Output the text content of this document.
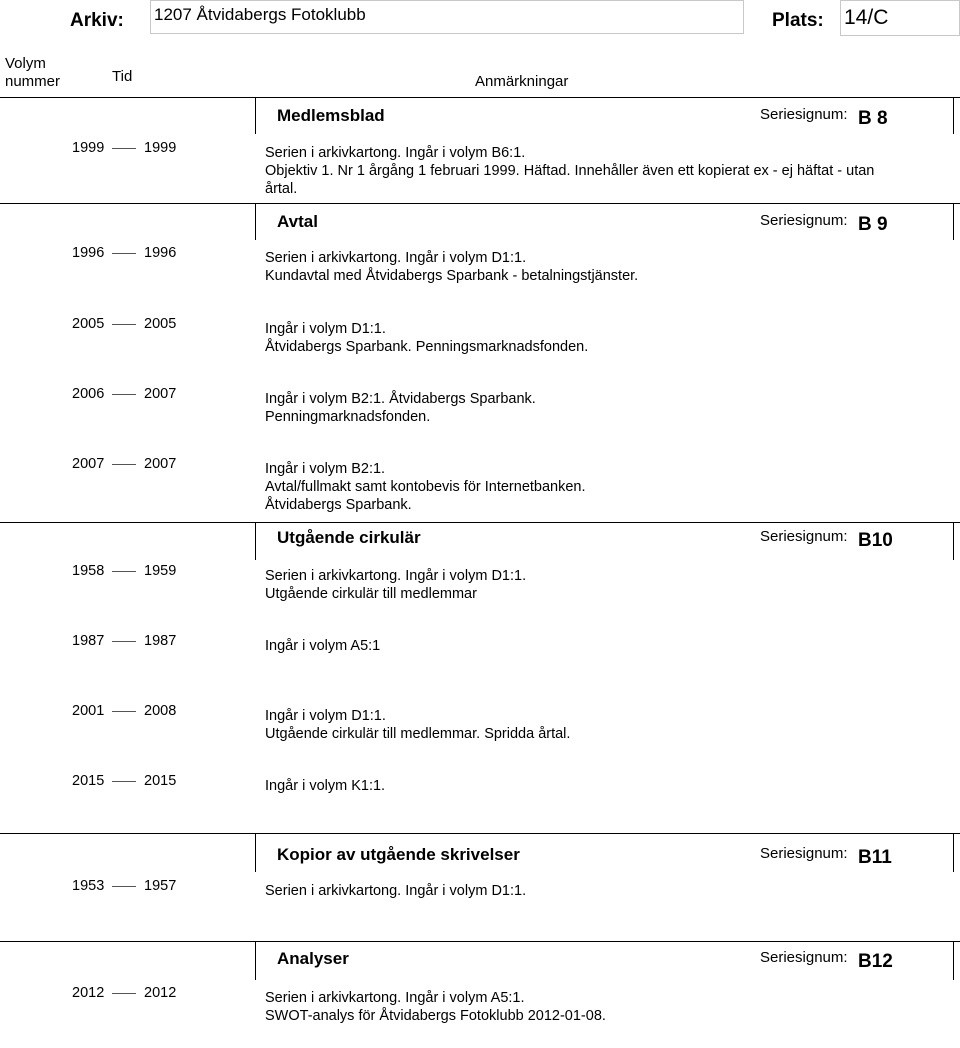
Arkiv: 1207 Åtvidabergs Fotoklubb	Plats: 14/C
Volym
nummer	Tid	Anmärkningar
Medlemsblad	Seriesignum: B 8
1999	1999	Serien i arkivkartong. Ingår i volym B6:1.
Objektiv 1. Nr 1 årgång 1 februari 1999. Häftad. Innehåller även ett kopierat ex - ej häftat - utan
årtal.
Avtal	Seriesignum: B 9
1996	1996	Serien i arkivkartong. Ingår i volym D1:1.
Kundavtal med Åtvidabergs Sparbank - betalningstjänster.
2005	2005	Ingår i volym D1:1.
Åtvidabergs Sparbank. Penningsmarknadsfonden.
2006	2007	Ingår i volym B2:1. Åtvidabergs Sparbank.
Penningmarknadsfonden.
2007	2007	Ingår i volym B2:1.
Avtal/fullmakt samt kontobevis för Internetbanken.
Åtvidabergs Sparbank.
Utgående cirkulär	Seriesignum: B10
1958	1959	Serien i arkivkartong. Ingår i volym D1:1.
Utgående cirkulär till medlemmar
1987	1987	Ingår i volym A5:1
2001	2008	Ingår i volym D1:1.
Utgående cirkulär till medlemmar. Spridda årtal.
2015	2015	Ingår i volym K1:1.
Kopior av utgående skrivelser	Seriesignum: B11
1953	1957	Serien i arkivkartong. Ingår i volym D1:1.
Analyser	Seriesignum: B12
2012	2012	Serien i arkivkartong. Ingår i volym A5:1.
SWOT-analys för Åtvidabergs Fotoklubb 2012-01-08.
